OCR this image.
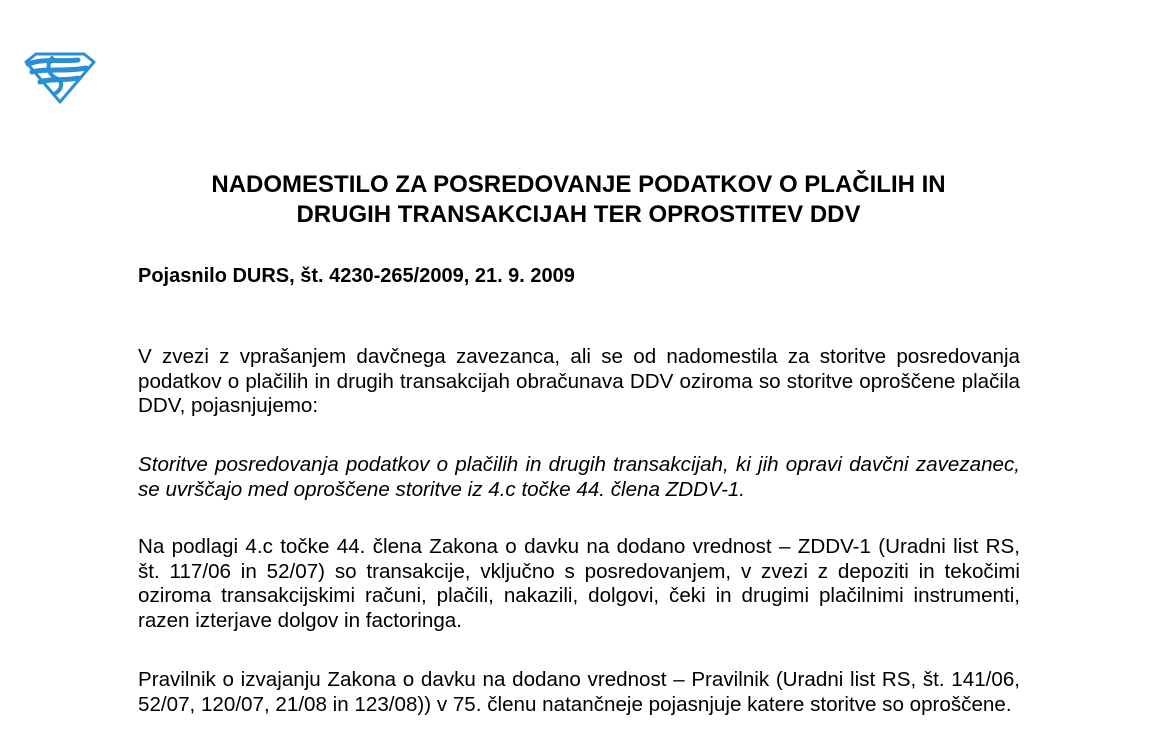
NADOMESTILO ZA POSREDOVANJE PODATKOV O PLAČILIH IN
DRUGIH TRANSAKCIJAH TER OPROSTITEV DDV
Pojasnilo DURS, št. 4230-265/2009, 21. 9. 2009

V zvezi z vprašanjem davčnega zavezanca, ali se od nadomestila za storitve posredovanja podatkov o plačilih in drugih transakcijah obračunava DDV oziroma so storitve oproščene plačila DDV, pojasnjujemo:

Storitve posredovanja podatkov o plačilih in drugih transakcijah, ki jih opravi davčni zavezanec, se uvrščajo med oproščene storitve iz 4.c točke 44. člena ZDDV-1.

Na podlagi 4.c točke 44. člena Zakona o davku na dodano vrednost – ZDDV-1 (Uradni list RS, št. 117/06 in 52/07) so transakcije, vključno s posredovanjem, v zvezi z depoziti in tekočimi oziroma transakcijskimi računi, plačili, nakazili, dolgovi, čeki in drugimi plačilnimi instrumenti, razen izterjave dolgov in factoringa.

Pravilnik o izvajanju Zakona o davku na dodano vrednost – Pravilnik (Uradni list RS, št. 141/06, 52/07, 120/07, 21/08 in 123/08)) v 75. členu natančneje pojasnjuje katere storitve so oproščene.
